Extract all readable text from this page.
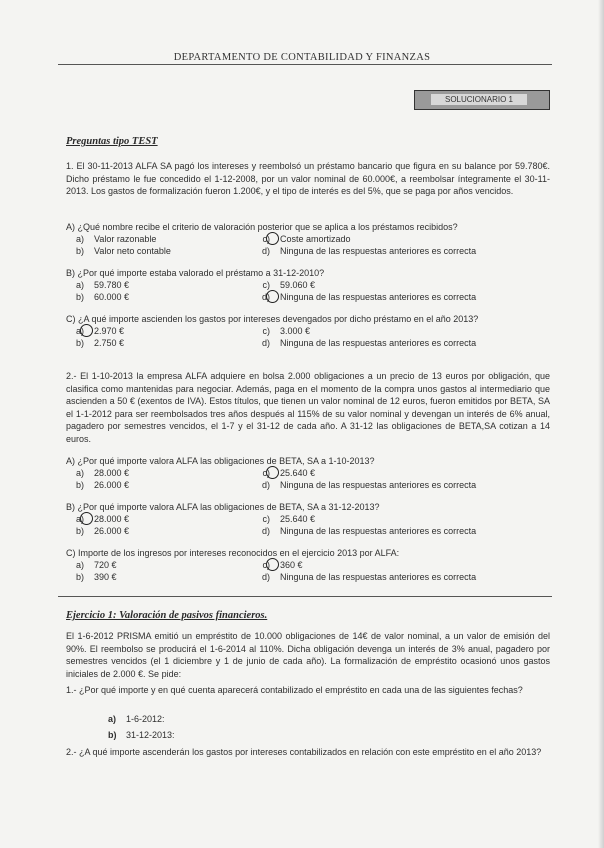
DEPARTAMENTO DE CONTABILIDAD Y FINANZAS
SOLUCIONARIO 1
Preguntas tipo TEST
1. El 30-11-2013 ALFA SA pagó los intereses y reembolsó un préstamo bancario que figura en su balance por 59.780€. Dicho préstamo le fue concedido el 1-12-2008, por un valor nominal de 60.000€, a reembolsar íntegramente el 30-11-2013. Los gastos de formalización fueron 1.200€, y el tipo de interés es del 5%, que se paga por años vencidos.
A) ¿Qué nombre recibe el criterio de valoración posterior que se aplica a los préstamos recibidos?
a) Valor razonable
b) Valor neto contable
c) Coste amortizado
d) Ninguna de las respuestas anteriores es correcta
B) ¿Por qué importe estaba valorado el préstamo a 31-12-2010?
a) 59.780 €
b) 60.000 €
c) 59.060 €
d) Ninguna de las respuestas anteriores es correcta
C) ¿A qué importe ascienden los gastos por intereses devengados por dicho préstamo en el año 2013?
a) 2.970 €
b) 2.750 €
c) 3.000 €
d) Ninguna de las respuestas anteriores es correcta
2.- El 1-10-2013 la empresa ALFA adquiere en bolsa 2.000 obligaciones a un precio de 13 euros por obligación, que clasifica como mantenidas para negociar. Además, paga en el momento de la compra unos gastos al intermediario que ascienden a 50 € (exentos de IVA). Estos títulos, que tienen un valor nominal de 12 euros, fueron emitidos por BETA, SA el 1-1-2012 para ser reembolsados tres años después al 115% de su valor nominal y devengan un interés de 6% anual, pagadero por semestres vencidos, el 1-7 y el 31-12 de cada año. A 31-12 las obligaciones de BETA,SA cotizan a 14 euros.
A) ¿Por qué importe valora ALFA las obligaciones de BETA, SA a 1-10-2013?
a) 28.000 €
b) 26.000 €
c) 25.640 €
d) Ninguna de las respuestas anteriores es correcta
B) ¿Por qué importe valora ALFA las obligaciones de BETA, SA a 31-12-2013?
a) 28.000 €
b) 26.000 €
c) 25.640 €
d) Ninguna de las respuestas anteriores es correcta
C) Importe de los ingresos por intereses reconocidos en el ejercicio 2013 por ALFA:
a) 720 €
b) 390 €
c) 360 €
d) Ninguna de las respuestas anteriores es correcta
Ejercicio 1: Valoración de pasivos financieros.
El 1-6-2012 PRISMA emitió un empréstito de 10.000 obligaciones de 14€ de valor nominal, a un valor de emisión del 90%. El reembolso se producirá el 1-6-2014 al 110%. Dicha obligación devenga un interés de 3% anual, pagadero por semestres vencidos (el 1 diciembre y 1 de junio de cada año). La formalización de empréstito ocasionó unos gastos iniciales de 2.000 €. Se pide:
1.- ¿Por qué importe y en qué cuenta aparecerá contabilizado el empréstito en cada una de las siguientes fechas?
a) 1-6-2012:
b) 31-12-2013:
2.- ¿A qué importe ascenderán los gastos por intereses contabilizados en relación con este empréstito en el año 2013?
